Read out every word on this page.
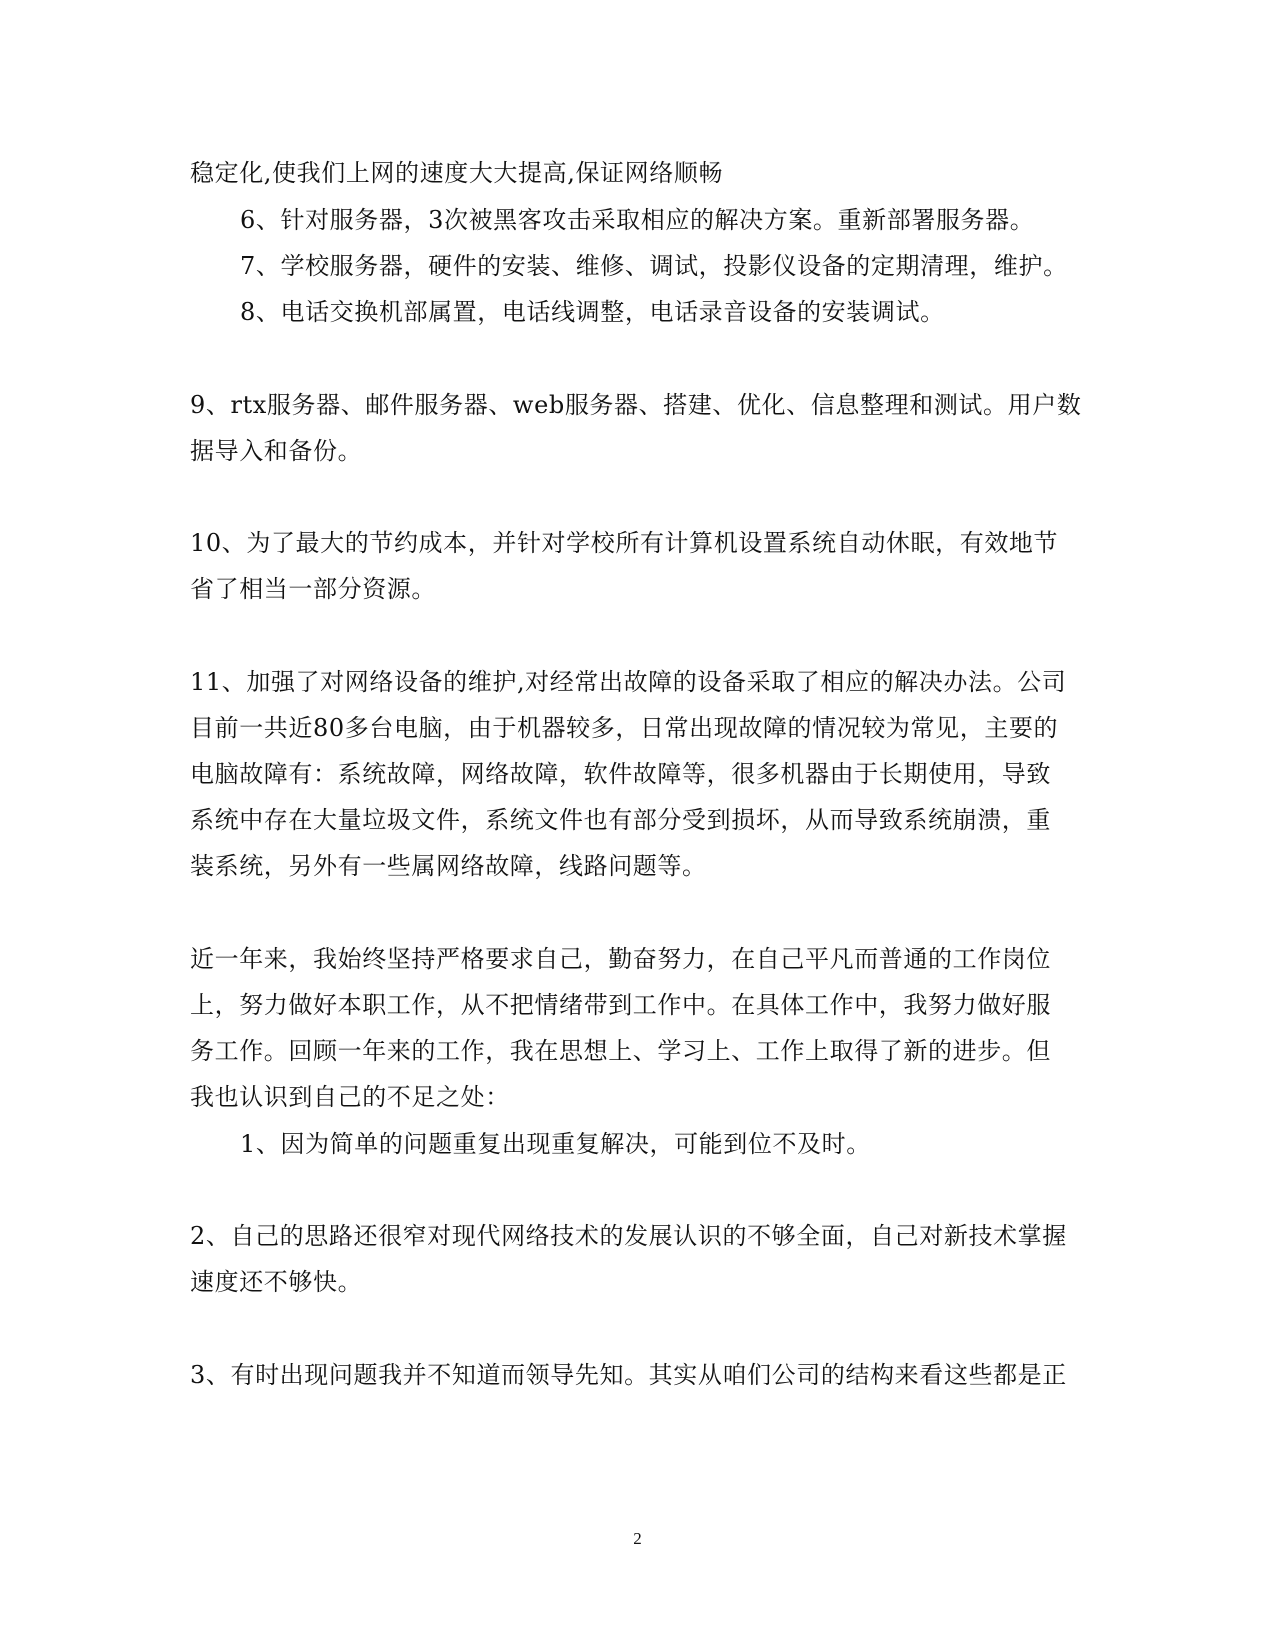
稳定化,使我们上网的速度大大提高,保证网络顺畅
6、针对服务器，3次被黑客攻击采取相应的解决方案。重新部署服务器。
7、学校服务器，硬件的安装、维修、调试，投影仪设备的定期清理，维护。
8、电话交换机部属置，电话线调整，电话录音设备的安装调试。
9、rtx服务器、邮件服务器、web服务器、搭建、优化、信息整理和测试。用户数
据导入和备份。
10、为了最大的节约成本，并针对学校所有计算机设置系统自动休眠，有效地节
省了相当一部分资源。
11、加强了对网络设备的维护,对经常出故障的设备采取了相应的解决办法。公司
目前一共近80多台电脑，由于机器较多，日常出现故障的情况较为常见，主要的
电脑故障有：系统故障，网络故障，软件故障等，很多机器由于长期使用，导致
系统中存在大量垃圾文件，系统文件也有部分受到损坏，从而导致系统崩溃，重
装系统，另外有一些属网络故障，线路问题等。
近一年来，我始终坚持严格要求自己，勤奋努力，在自己平凡而普通的工作岗位
上，努力做好本职工作，从不把情绪带到工作中。在具体工作中，我努力做好服
务工作。回顾一年来的工作，我在思想上、学习上、工作上取得了新的进步。但
我也认识到自己的不足之处：
1、因为简单的问题重复出现重复解决，可能到位不及时。
2、自己的思路还很窄对现代网络技术的发展认识的不够全面，自己对新技术掌握
速度还不够快。
3、有时出现问题我并不知道而领导先知。其实从咱们公司的结构来看这些都是正
2
